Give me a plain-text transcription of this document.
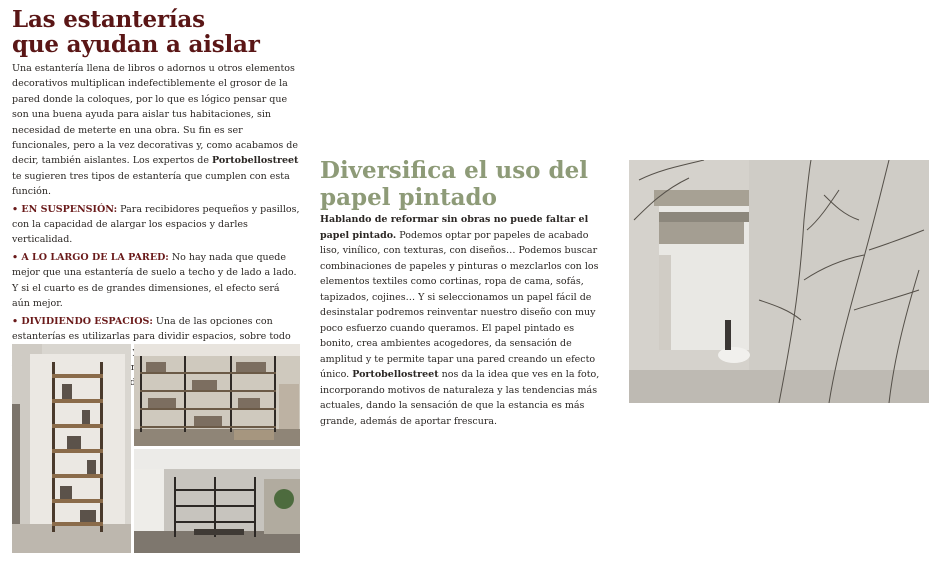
Las estanterías
que ayudan a aislar

Una estantería llena de libros o adornos u otros elementos decorativos multiplican indefectiblemente el grosor de la pared donde la coloques, por lo que es lógico pensar que son una buena ayuda para aislar tus habitaciones, sin necesidad de meterte en una obra. Su fin es ser funcionales, pero a la vez decorativas y, como acabamos de decir, también aislantes. Los expertos de Portobellostreet te sugieren tres tipos de estantería que cumplen con esta función.

• EN SUSPENSIÓN: Para recibidores pequeños y pasillos, con la capacidad de alargar los espacios y darles verticalidad.

• A LO LARGO DE LA PARED: No hay nada que quede mejor que una estantería de suelo a techo y de lado a lado. Y si el cuarto es de grandes dimensiones, el efecto será aún mejor.

• DIVIDIENDO ESPACIOS: Una de las opciones con estanterías es utilizarlas para dividir espacios, sobre todo

Diversifica el uso del
papel pintado

Hablando de reformar sin obras no puede faltar el papel pintado. Podemos optar por papeles de acabado liso, vinílico, con texturas, con diseños… Podemos buscar combinaciones de papeles y pinturas o mezclarlos con los elementos textiles como cortinas, ropa de cama, sofás, tapizados, cojines… Y si seleccionamos un papel fácil de desinstalar podremos reinventar nuestro diseño con muy poco esfuerzo cuando queramos. El papel pintado es bonito, crea ambientes acogedores, da sensación de amplitud y te permite tapar una pared creando un efecto único. Portobellostreet nos da la idea que ves en la foto, incorporando motivos de naturaleza y las tendencias más actuales, dando la sensación de que la estancia es más grande, además de aportar frescura.
